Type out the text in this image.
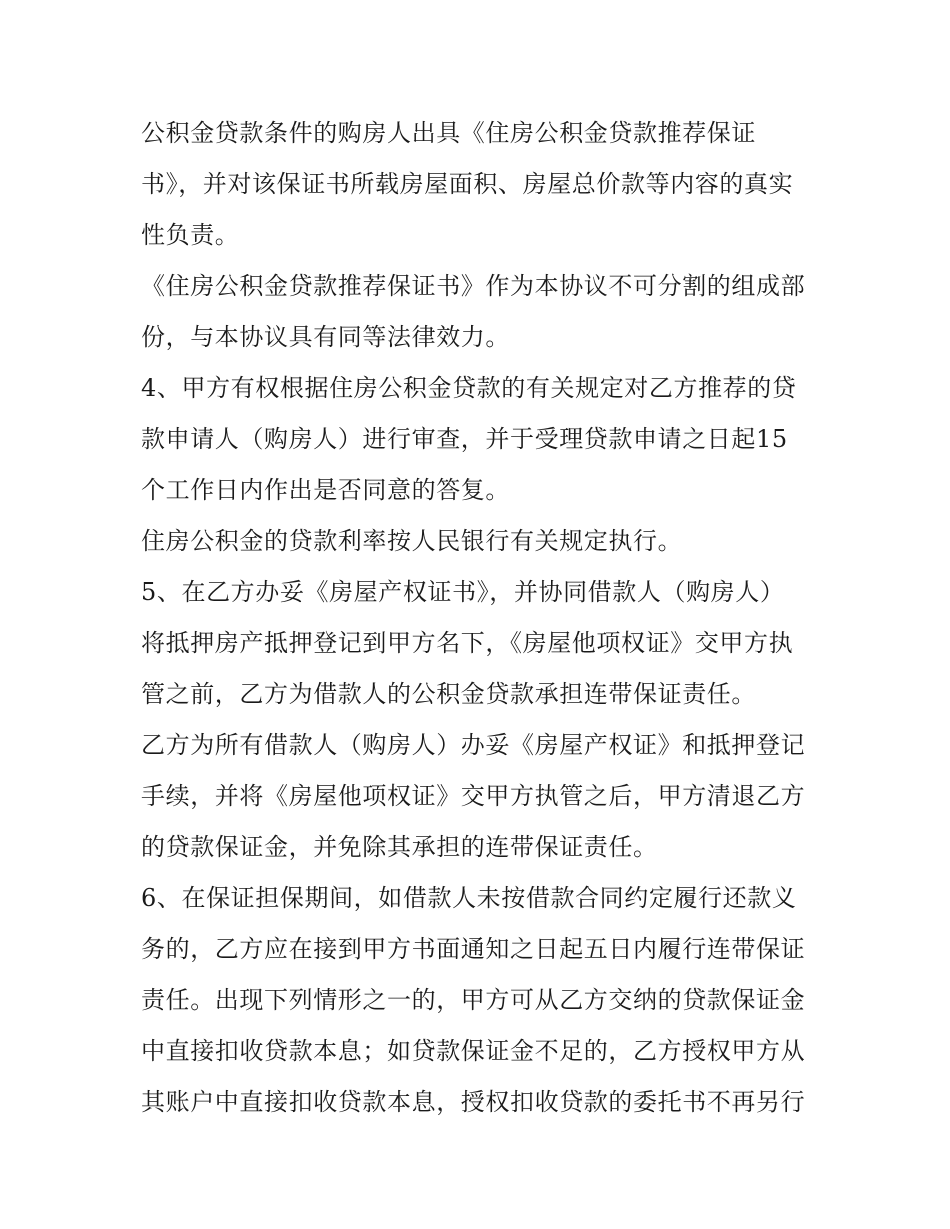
公积金贷款条件的购房人出具《住房公积金贷款推荐保证
书》，并对该保证书所载房屋面积、房屋总价款等内容的真实
性负责。
《住房公积金贷款推荐保证书》作为本协议不可分割的组成部
份，与本协议具有同等法律效力。
4、甲方有权根据住房公积金贷款的有关规定对乙方推荐的贷
款申请人（购房人）进行审查，并于受理贷款申请之日起15
个工作日内作出是否同意的答复。
住房公积金的贷款利率按人民银行有关规定执行。
5、在乙方办妥《房屋产权证书》，并协同借款人（购房人）
将抵押房产抵押登记到甲方名下，《房屋他项权证》交甲方执
管之前，乙方为借款人的公积金贷款承担连带保证责任。
乙方为所有借款人（购房人）办妥《房屋产权证》和抵押登记
手续，并将《房屋他项权证》交甲方执管之后，甲方清退乙方
的贷款保证金，并免除其承担的连带保证责任。
6、在保证担保期间，如借款人未按借款合同约定履行还款义
务的，乙方应在接到甲方书面通知之日起五日内履行连带保证
责任。出现下列情形之一的，甲方可从乙方交纳的贷款保证金
中直接扣收贷款本息；如贷款保证金不足的，乙方授权甲方从
其账户中直接扣收贷款本息，授权扣收贷款的委托书不再另行
